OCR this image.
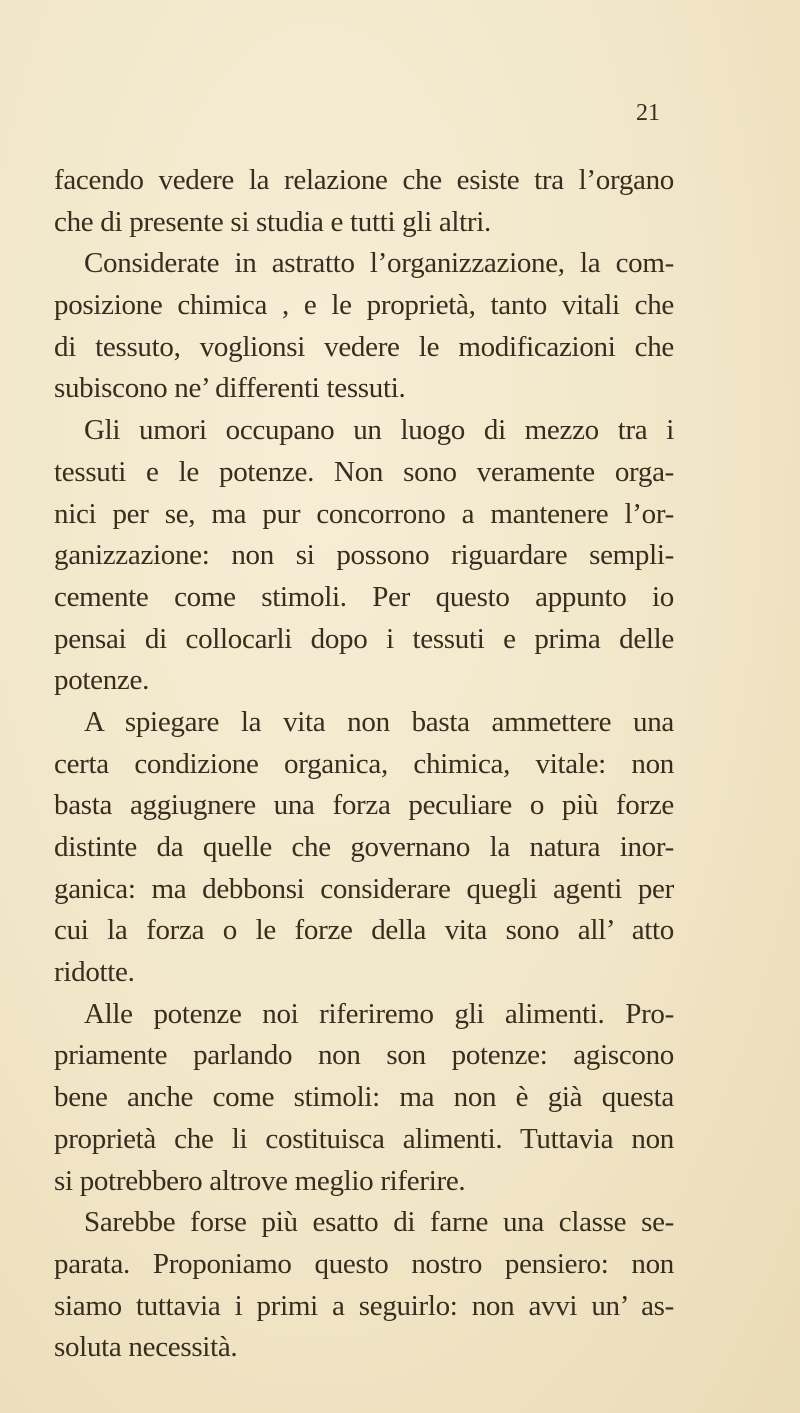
21
facendo vedere la relazione che esiste tra l’organo
che di presente si studia e tutti gli altri.
Considerate in astratto l’organizzazione, la com-
posizione chimica , e le proprietà, tanto vitali che
di tessuto, voglionsi vedere le modificazioni che
subiscono ne’ differenti tessuti.
Gli umori occupano un luogo di mezzo tra i
tessuti e le potenze. Non sono veramente orga-
nici per se, ma pur concorrono a mantenere l’or-
ganizzazione: non si possono riguardare sempli-
cemente come stimoli. Per questo appunto io
pensai di collocarli dopo i tessuti e prima delle
potenze.
A spiegare la vita non basta ammettere una
certa condizione organica, chimica, vitale: non
basta aggiugnere una forza peculiare o più forze
distinte da quelle che governano la natura inor-
ganica: ma debbonsi considerare quegli agenti per
cui la forza o le forze della vita sono all’ atto
ridotte.
Alle potenze noi riferiremo gli alimenti. Pro-
priamente parlando non son potenze: agiscono
bene anche come stimoli: ma non è già questa
proprietà che li costituisca alimenti. Tuttavia non
si potrebbero altrove meglio riferire.
Sarebbe forse più esatto di farne una classe se-
parata. Proponiamo questo nostro pensiero: non
siamo tuttavia i primi a seguirlo: non avvi un’ as-
soluta necessità.
